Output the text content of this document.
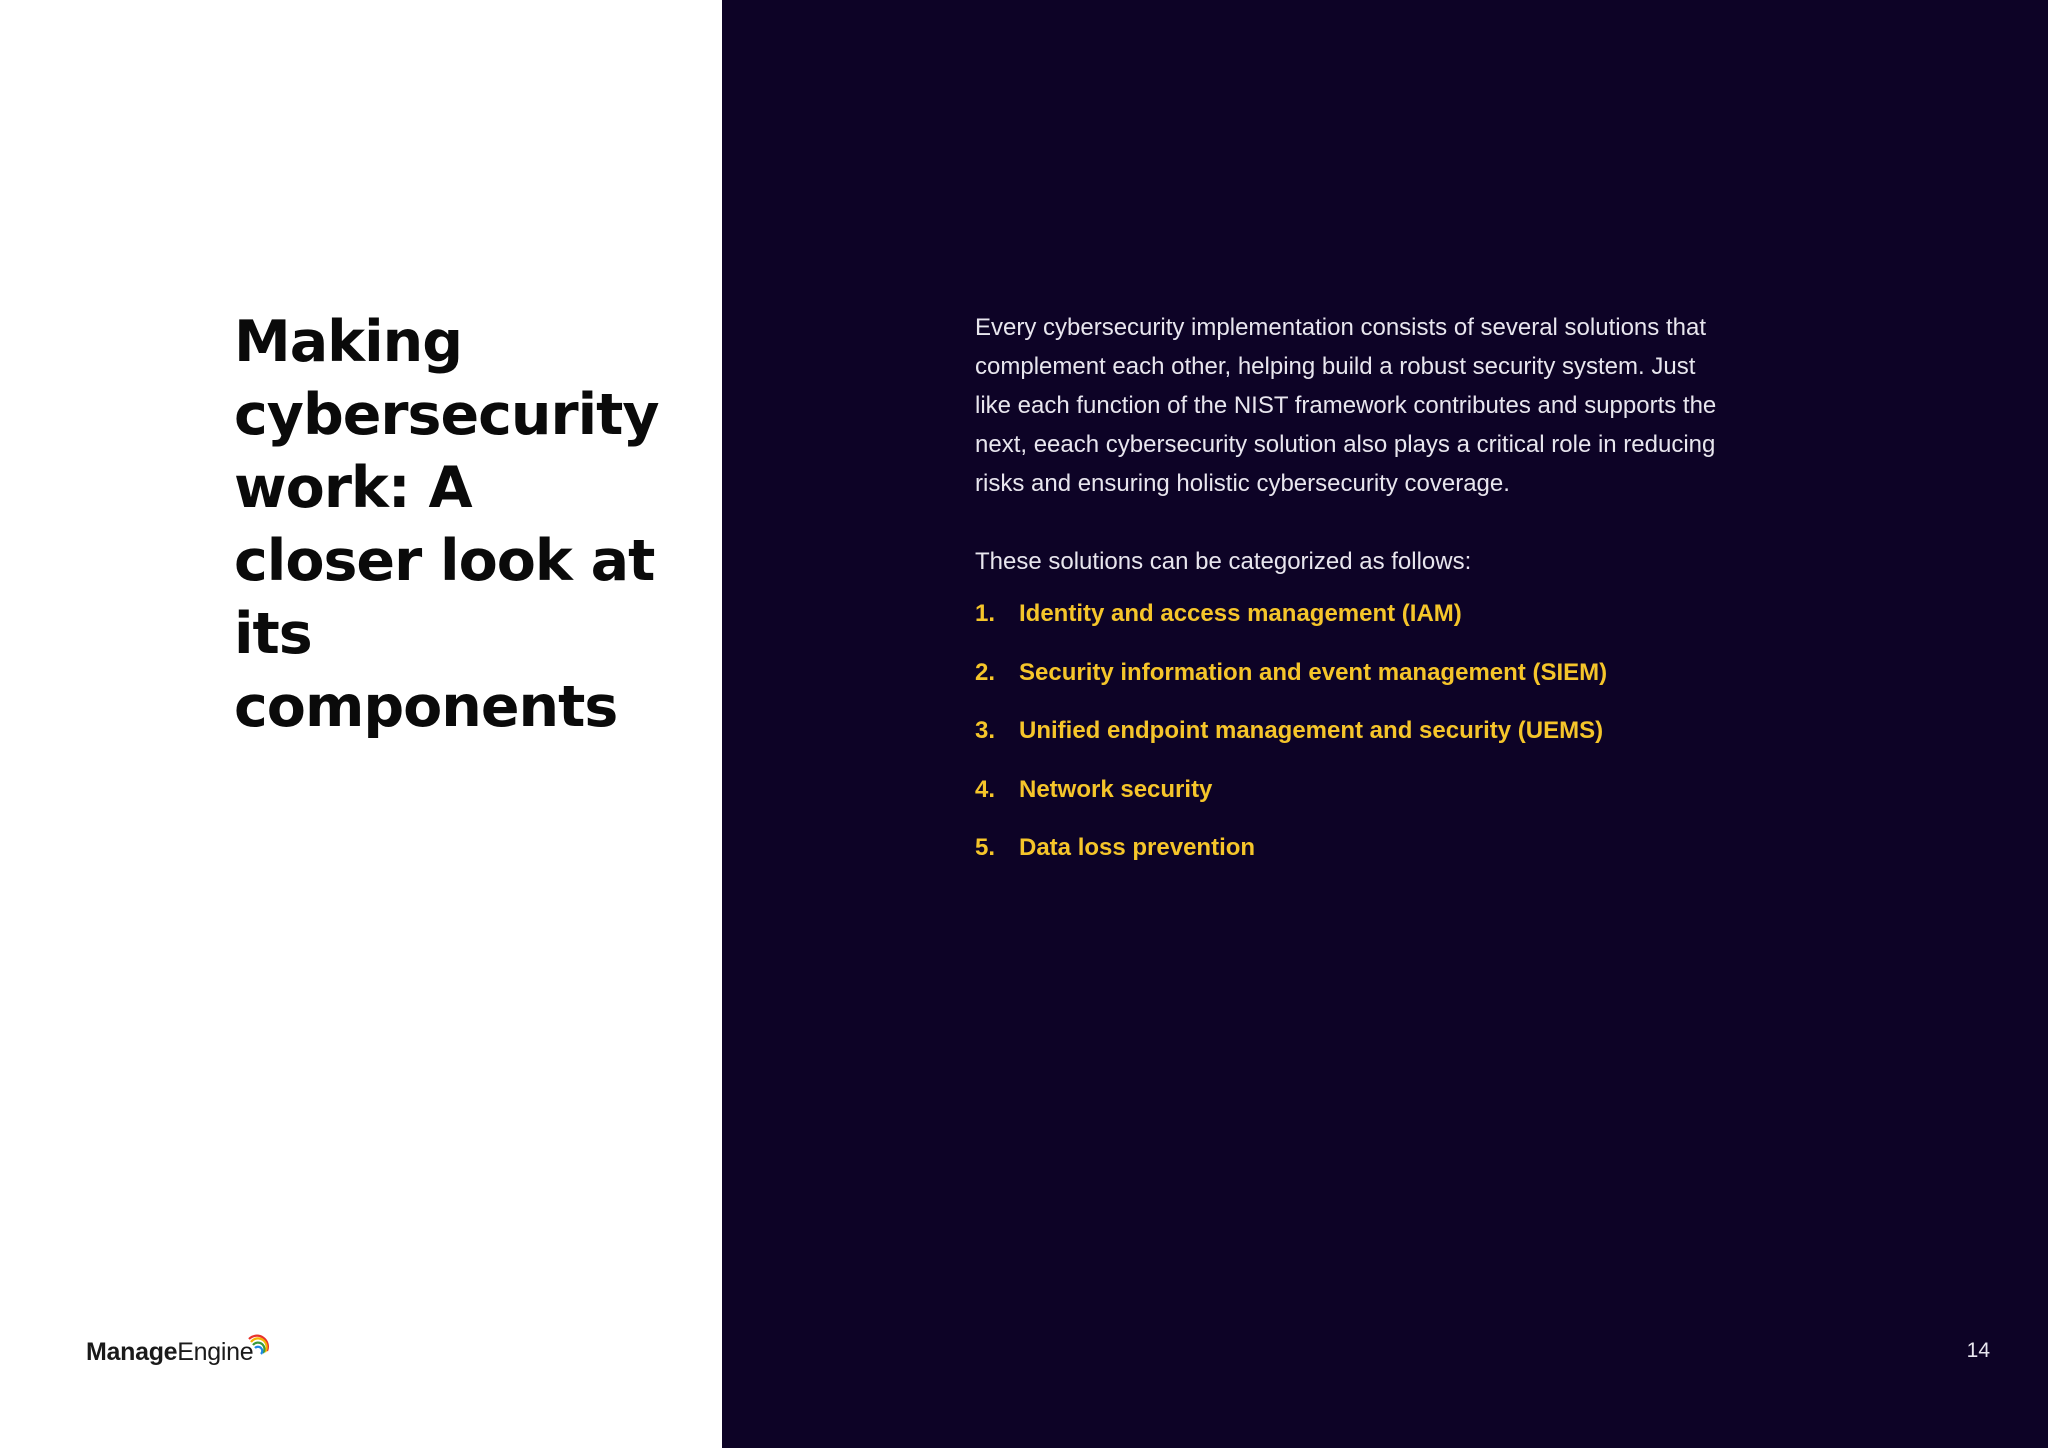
Making cybersecurity work: A closer look at its components
ManageEngine

Every cybersecurity implementation consists of several solutions that complement each other, helping build a robust security system. Just like each function of the NIST framework contributes and supports the next, eeach cybersecurity solution also plays a critical role in reducing risks and ensuring holistic cybersecurity coverage.

These solutions can be categorized as follows:

1. Identity and access management (IAM)
2. Security information and event management (SIEM)
3. Unified endpoint management and security (UEMS)
4. Network security
5. Data loss prevention
14
